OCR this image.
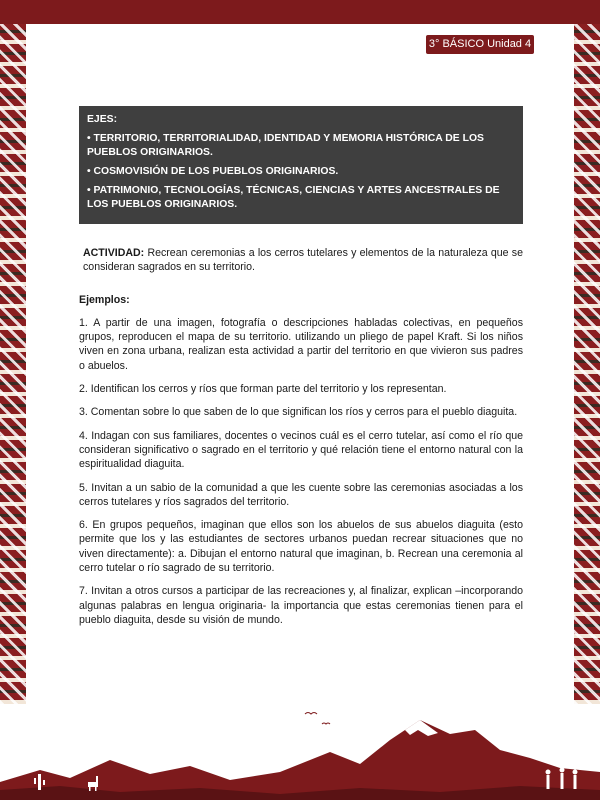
3° BÁSICO Unidad 4

EJES:

• TERRITORIO, TERRITORIALIDAD, IDENTIDAD Y MEMORIA HISTÓRICA DE LOS PUEBLOS ORIGINARIOS.

• COSMOVISIÓN DE LOS PUEBLOS ORIGINARIOS.

• PATRIMONIO, TECNOLOGÍAS, TÉCNICAS, CIENCIAS Y ARTES ANCESTRALES DE LOS PUEBLOS ORIGINARIOS.

ACTIVIDAD: Recrean ceremonias a los cerros tutelares y elementos de la naturaleza que se consideran sagrados en su territorio.

Ejemplos:

1. A partir de una imagen, fotografía o descripciones habladas colectivas, en pequeños grupos, reproducen el mapa de su territorio. utilizando un pliego de papel Kraft. Si los niños viven en zona urbana, realizan esta actividad a partir del territorio en que vivieron sus padres o abuelos.

2. Identifican los cerros y ríos que forman parte del territorio y los representan.

3. Comentan sobre lo que saben de lo que significan los ríos y cerros para el pueblo diaguita.

4. Indagan con sus familiares, docentes o vecinos cuál es el cerro tutelar, así como el río que consideran significativo o sagrado en el territorio y qué relación tiene el entorno natural con la espiritualidad diaguita.

5. Invitan a un sabio de la comunidad a que les cuente sobre las ceremonias asociadas a los cerros tutelares y ríos sagrados del territorio.

6. En grupos pequeños, imaginan que ellos son los abuelos de sus abuelos diaguita (esto permite que los y las estudiantes de sectores urbanos puedan recrear situaciones que no viven directamente): a. Dibujan el entorno natural que imaginan, b. Recrean una ceremonia al cerro tutelar o río sagrado de su territorio.

7. Invitan a otros cursos a participar de las recreaciones y, al finalizar, explican –incorporando algunas palabras en lengua originaria- la importancia que estas ceremonias tienen para el pueblo diaguita, desde su visión de mundo.
